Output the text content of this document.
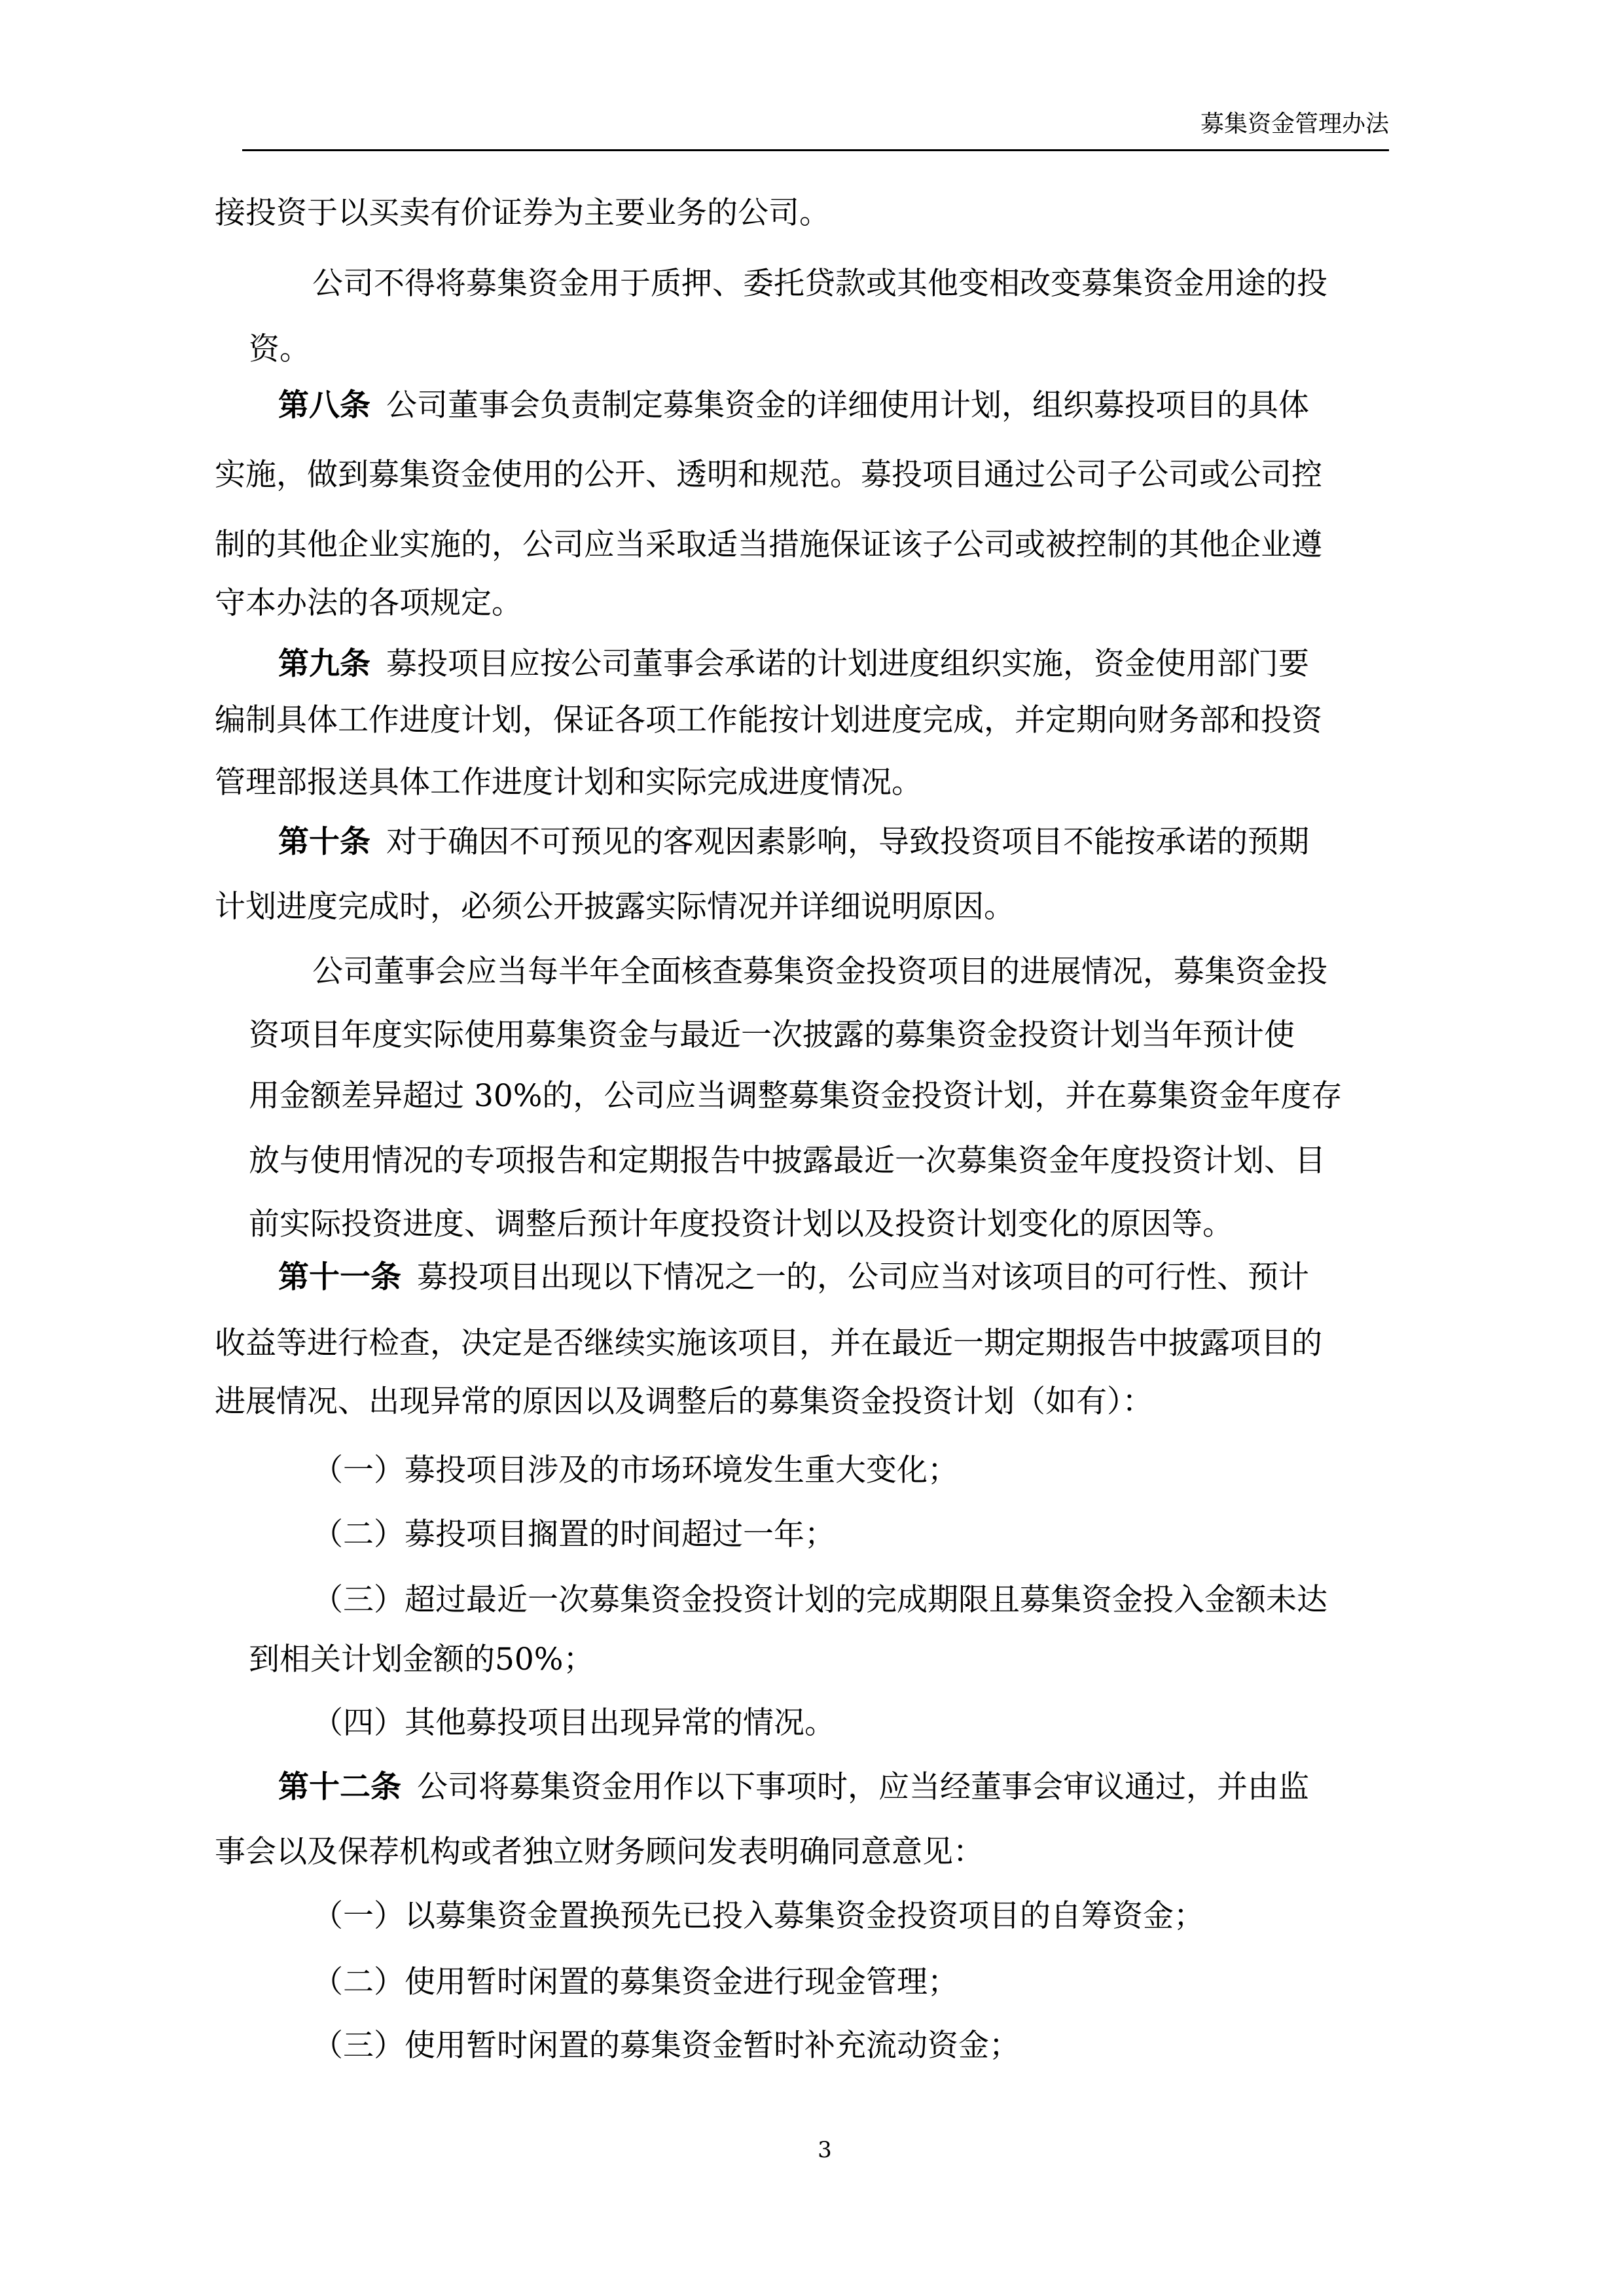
募集资金管理办法
接投资于以买卖有价证券为主要业务的公司。
公司不得将募集资金用于质押、委托贷款或其他变相改变募集资金用途的投
资。
第八条 公司董事会负责制定募集资金的详细使用计划，组织募投项目的具体
实施，做到募集资金使用的公开、透明和规范。募投项目通过公司子公司或公司控
制的其他企业实施的，公司应当采取适当措施保证该子公司或被控制的其他企业遵
守本办法的各项规定。
第九条 募投项目应按公司董事会承诺的计划进度组织实施，资金使用部门要
编制具体工作进度计划，保证各项工作能按计划进度完成，并定期向财务部和投资
管理部报送具体工作进度计划和实际完成进度情况。
第十条 对于确因不可预见的客观因素影响，导致投资项目不能按承诺的预期
计划进度完成时，必须公开披露实际情况并详细说明原因。
公司董事会应当每半年全面核查募集资金投资项目的进展情况，募集资金投
资项目年度实际使用募集资金与最近一次披露的募集资金投资计划当年预计使
用金额差异超过 30%的，公司应当调整募集资金投资计划，并在募集资金年度存
放与使用情况的专项报告和定期报告中披露最近一次募集资金年度投资计划、目
前实际投资进度、调整后预计年度投资计划以及投资计划变化的原因等。
第十一条 募投项目出现以下情况之一的，公司应当对该项目的可行性、预计
收益等进行检查，决定是否继续实施该项目，并在最近一期定期报告中披露项目的
进展情况、出现异常的原因以及调整后的募集资金投资计划（如有）：
（一）募投项目涉及的市场环境发生重大变化；
（二）募投项目搁置的时间超过一年；
（三）超过最近一次募集资金投资计划的完成期限且募集资金投入金额未达
到相关计划金额的50%；
（四）其他募投项目出现异常的情况。
第十二条 公司将募集资金用作以下事项时，应当经董事会审议通过，并由监
事会以及保荐机构或者独立财务顾问发表明确同意意见：
（一）以募集资金置换预先已投入募集资金投资项目的自筹资金；
（二）使用暂时闲置的募集资金进行现金管理；
（三）使用暂时闲置的募集资金暂时补充流动资金；
3
